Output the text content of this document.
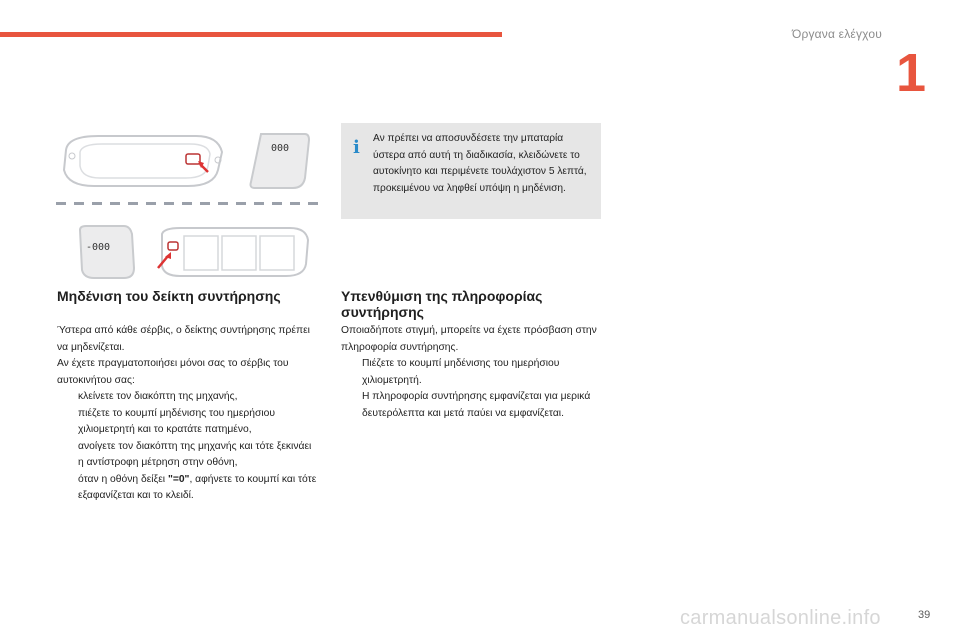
Όργανα ελέγχου
1
000
-000
i	Αν πρέπει να αποσυνδέσετε την μπαταρία ύστερα από αυτή τη διαδικασία, κλειδώνετε το αυτοκίνητο και περιμένετε τουλάχιστον 5 λεπτά, προκειμένου να ληφθεί υπόψη η μηδένιση.
Μηδένιση του δείκτη συντήρησης

Ύστερα από κάθε σέρβις, ο δείκτης συντήρησης πρέπει να μηδενίζεται.

Αν έχετε πραγματοποιήσει μόνοι σας το σέρβις του αυτοκινήτου σας:

κλείνετε τον διακόπτη της μηχανής,
πιέζετε το κουμπί μηδένισης του ημερήσιου χιλιομετρητή και το κρατάτε πατημένο,
ανοίγετε τον διακόπτη της μηχανής και τότε ξεκινάει η αντίστροφη μέτρηση στην οθόνη,
όταν η οθόνη δείξει "=0", αφήνετε το κουμπί και τότε εξαφανίζεται και το κλειδί.
Υπενθύμιση της πληροφορίας συντήρησης

Οποιαδήποτε στιγμή, μπορείτε να έχετε πρόσβαση στην πληροφορία συντήρησης.

Πιέζετε το κουμπί μηδένισης του ημερήσιου χιλιομετρητή.

Η πληροφορία συντήρησης εμφανίζεται για μερικά δευτερόλεπτα και μετά παύει να εμφανίζεται.

carmanualsonline.info	39
